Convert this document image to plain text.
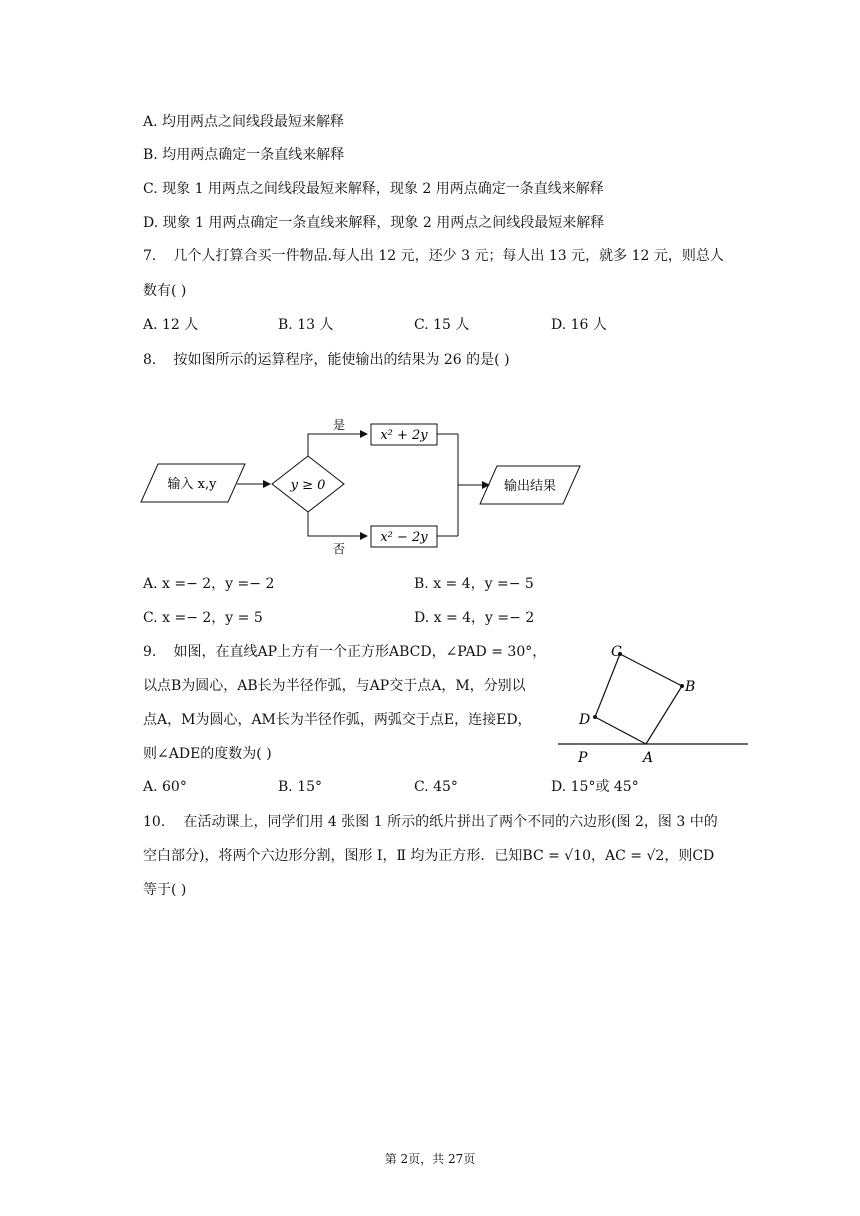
A. 均用两点之间线段最短来解释
B. 均用两点确定一条直线来解释
C. 现象 1 用两点之间线段最短来解释，现象 2 用两点确定一条直线来解释
D. 现象 1 用两点确定一条直线来解释，现象 2 用两点之间线段最短来解释
7. 几个人打算合买一件物品.每人出 12 元，还少 3 元；每人出 13 元，就多 12 元，则总人
数有( )
A. 12 人	B. 13 人	C. 15 人	D. 16 人
8. 按如图所示的运算程序，能使输出的结果为 26 的是( )
输入 x,y	y ≥ 0
是
x² + 2y
否
x² − 2y
输出结果
A. x =− 2，y =− 2	B. x = 4，y =− 5
C. x =− 2，y = 5	D. x = 4，y =− 2
9. 如图，在直线AP上方有一个正方形ABCD，∠PAD = 30°，
以点B为圆心，AB长为半径作弧，与AP交于点A，M，分别以
点A，M为圆心，AM长为半径作弧，两弧交于点E，连接ED，
则∠ADE的度数为( )
C
B
D
P	A
A. 60°	B. 15°	C. 45°	D. 15°或 45°
10. 在活动课上，同学们用 4 张图 1 所示的纸片拼出了两个不同的六边形(图 2，图 3 中的
空白部分)，将两个六边形分割，图形 Ⅰ，Ⅱ 均为正方形．已知BC = √10，AC = √2，则CD
等于( )
第 2页，共 27页
